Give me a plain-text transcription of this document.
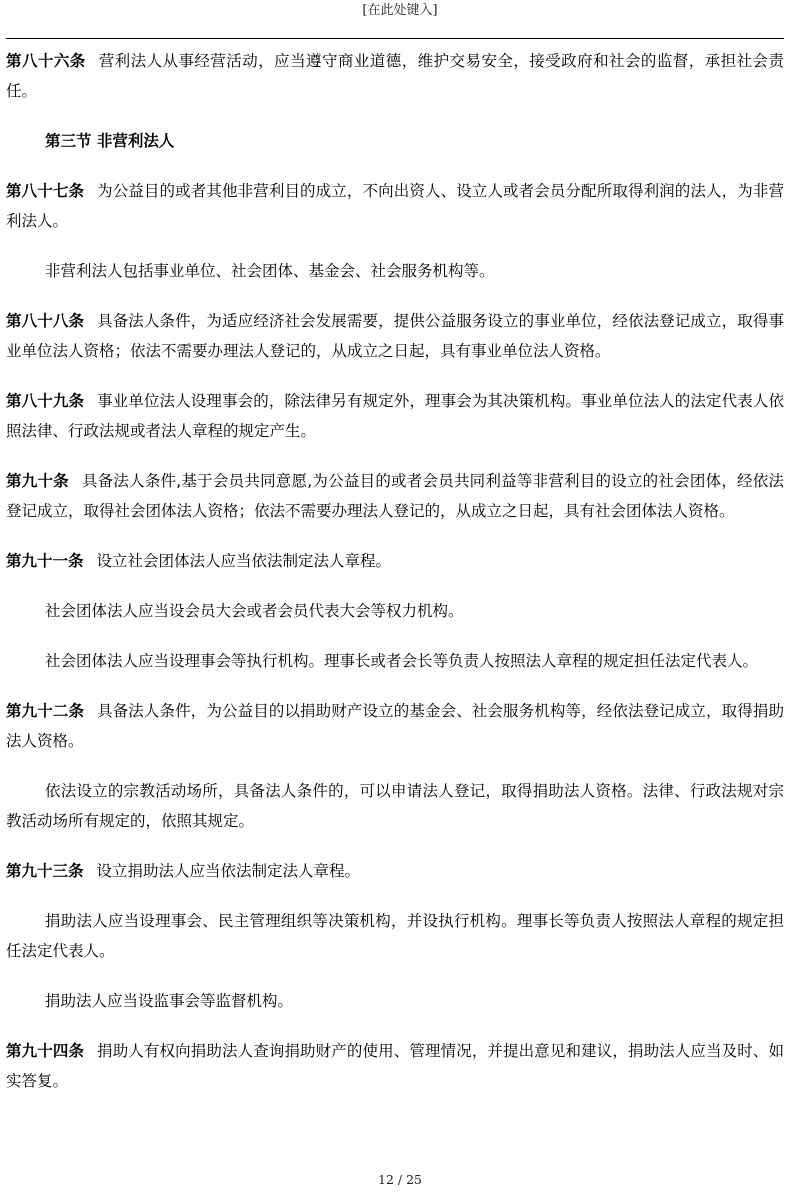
[在此处键入]

第八十六条 营利法人从事经营活动，应当遵守商业道德，维护交易安全，接受政府和社会的监督，承担社会责任。

第三节 非营利法人

第八十七条 为公益目的或者其他非营利目的成立，不向出资人、设立人或者会员分配所取得利润的法人，为非营利法人。

非营利法人包括事业单位、社会团体、基金会、社会服务机构等。

第八十八条 具备法人条件，为适应经济社会发展需要，提供公益服务设立的事业单位，经依法登记成立，取得事业单位法人资格；依法不需要办理法人登记的，从成立之日起，具有事业单位法人资格。

第八十九条 事业单位法人设理事会的，除法律另有规定外，理事会为其决策机构。事业单位法人的法定代表人依照法律、行政法规或者法人章程的规定产生。

第九十条 具备法人条件,基于会员共同意愿,为公益目的或者会员共同利益等非营利目的设立的社会团体，经依法登记成立，取得社会团体法人资格；依法不需要办理法人登记的，从成立之日起，具有社会团体法人资格。

第九十一条 设立社会团体法人应当依法制定法人章程。

社会团体法人应当设会员大会或者会员代表大会等权力机构。

社会团体法人应当设理事会等执行机构。理事长或者会长等负责人按照法人章程的规定担任法定代表人。

第九十二条 具备法人条件，为公益目的以捐助财产设立的基金会、社会服务机构等，经依法登记成立，取得捐助法人资格。

依法设立的宗教活动场所，具备法人条件的，可以申请法人登记，取得捐助法人资格。法律、行政法规对宗教活动场所有规定的，依照其规定。

第九十三条 设立捐助法人应当依法制定法人章程。

捐助法人应当设理事会、民主管理组织等决策机构，并设执行机构。理事长等负责人按照法人章程的规定担任法定代表人。

捐助法人应当设监事会等监督机构。

第九十四条 捐助人有权向捐助法人查询捐助财产的使用、管理情况，并提出意见和建议，捐助法人应当及时、如实答复。

12 / 25
